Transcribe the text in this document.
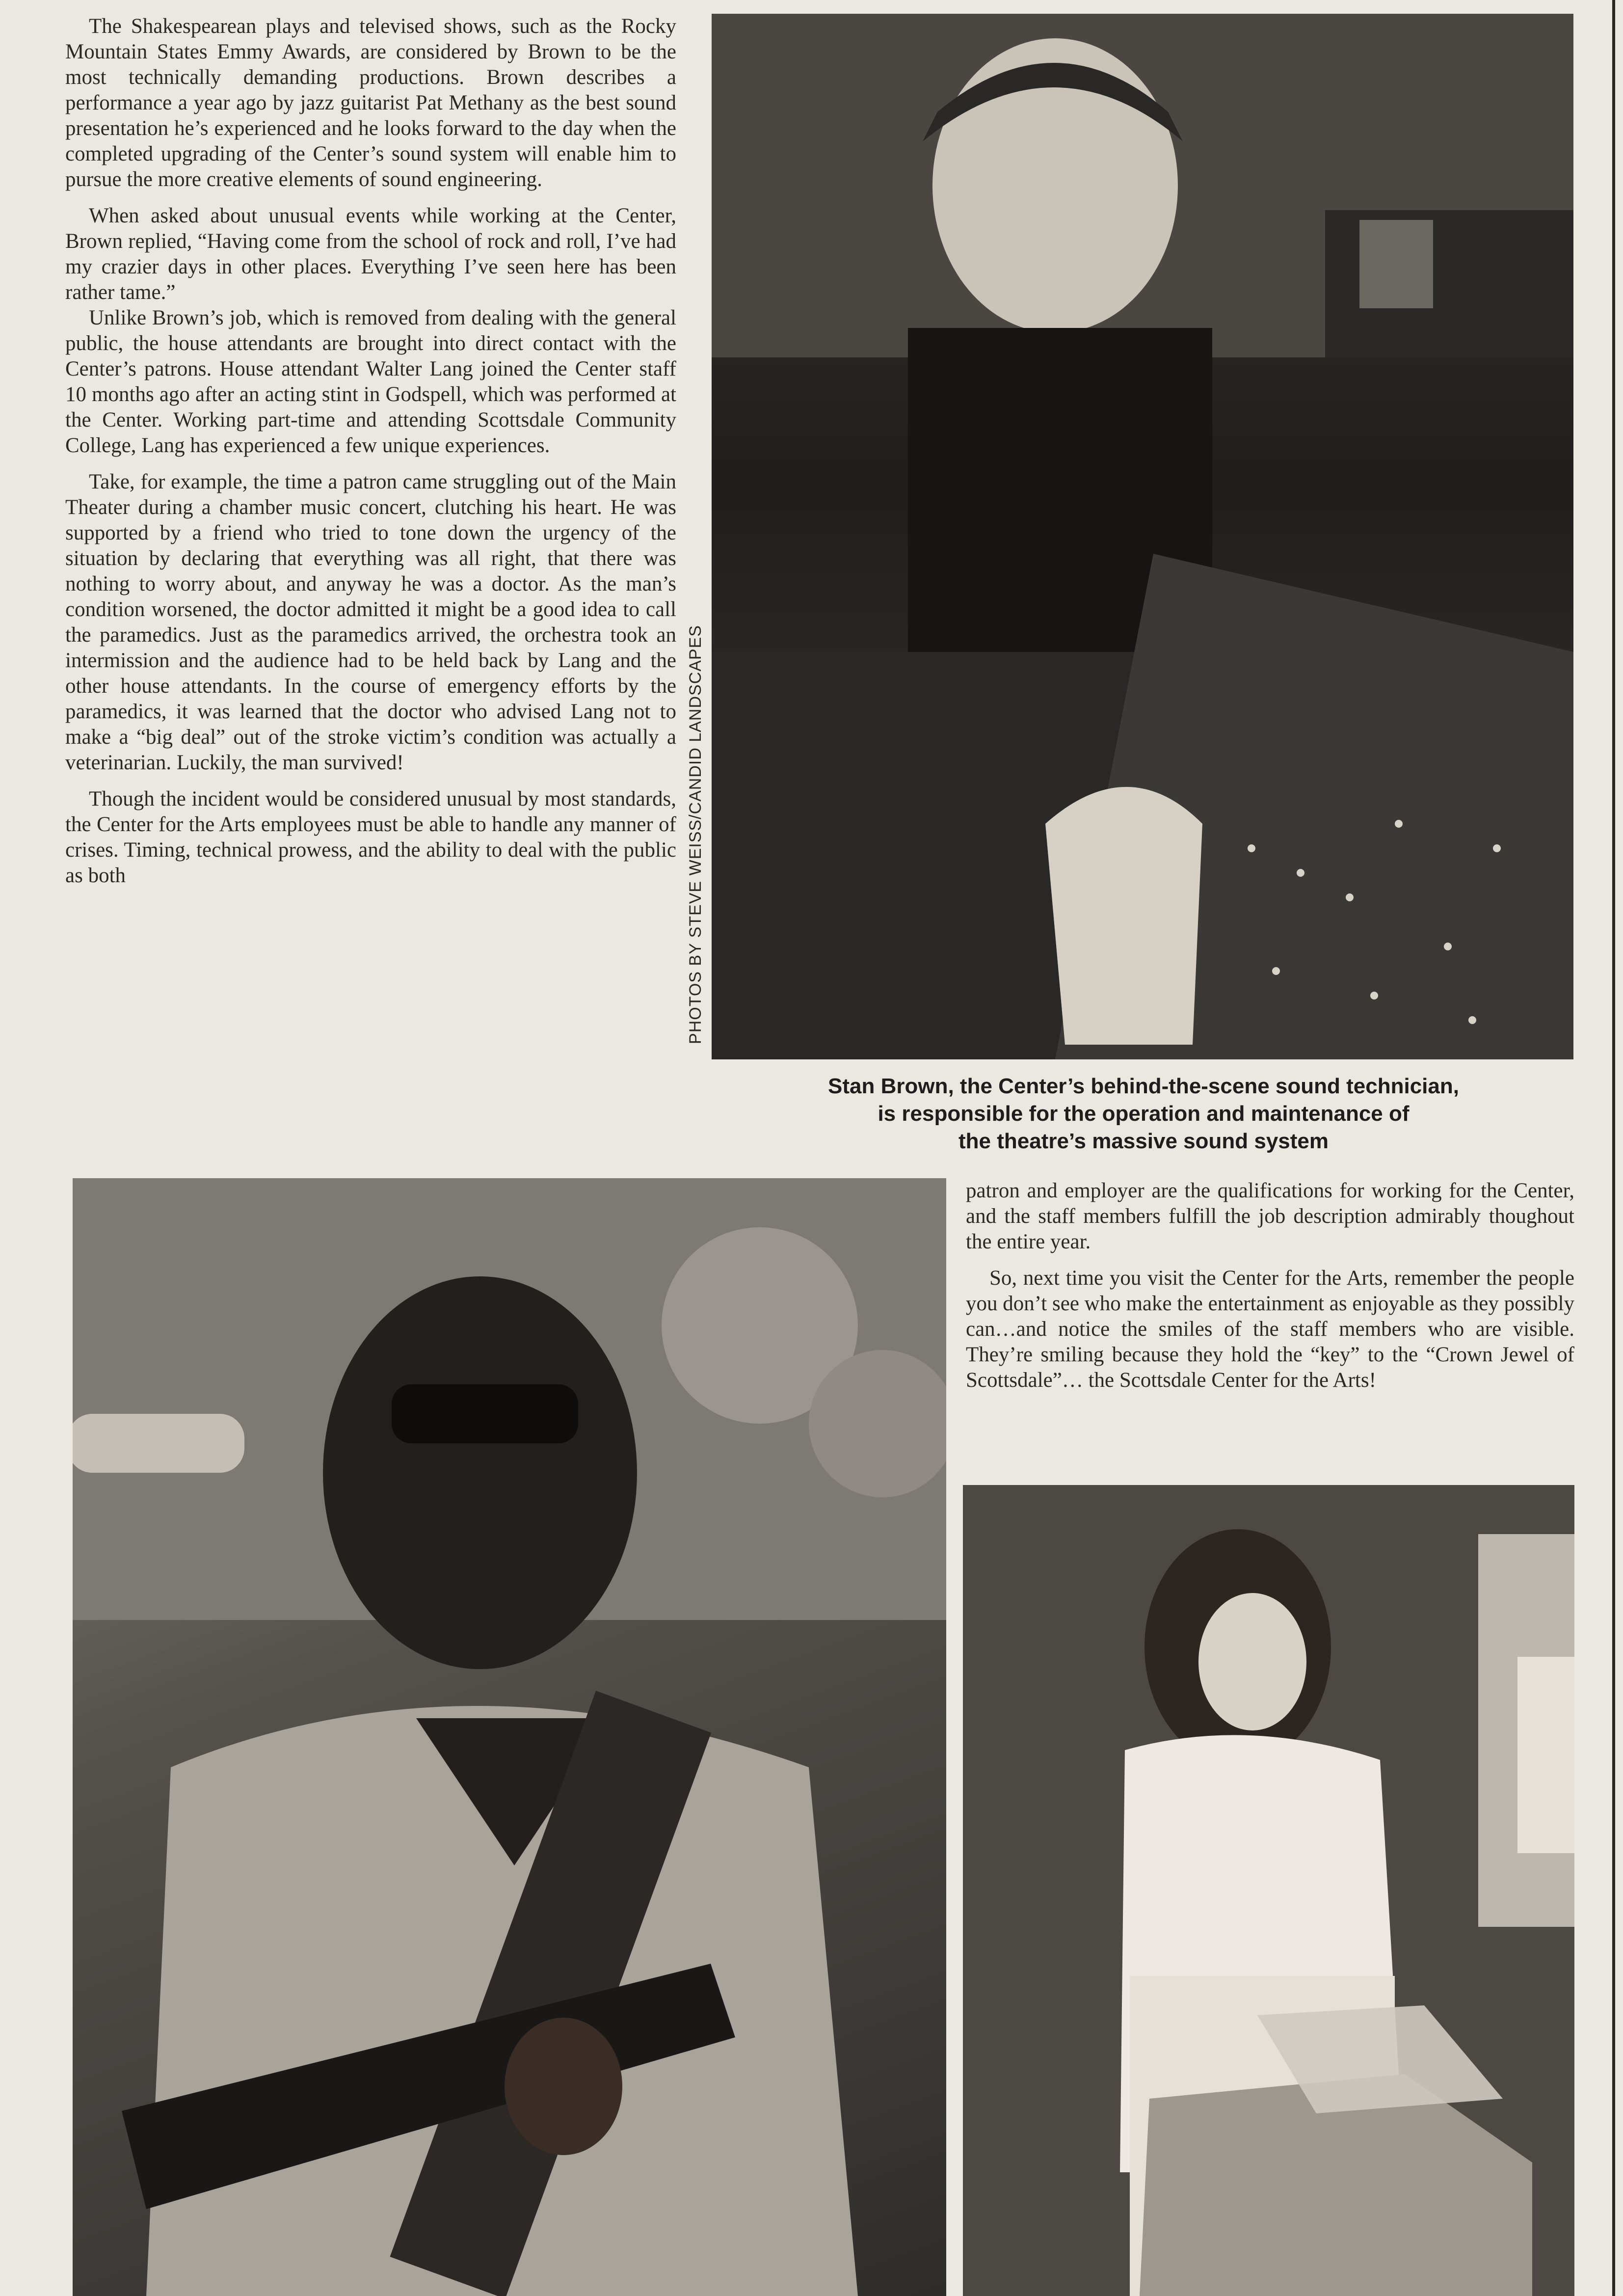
The Shakespearean plays and televised shows, such as the Rocky Mountain States Emmy Awards, are considered by Brown to be the most technically demanding productions. Brown describes a performance a year ago by jazz guitarist Pat Methany as the best sound presentation he’s experienced and he looks forward to the day when the completed upgrading of the Center’s sound system will enable him to pursue the more creative elements of sound engineering.

When asked about unusual events while working at the Center, Brown replied, “Having come from the school of rock and roll, I’ve had my crazier days in other places. Everything I’ve seen here has been rather tame.”

Unlike Brown’s job, which is removed from dealing with the general public, the house attendants are brought into direct contact with the Center’s patrons. House attendant Walter Lang joined the Center staff 10 months ago after an acting stint in Godspell, which was performed at the Center. Working part-time and attending Scottsdale Community College, Lang has experienced a few unique experiences.

Take, for example, the time a patron came struggling out of the Main Theater during a chamber music concert, clutching his heart. He was supported by a friend who tried to tone down the urgency of the situation by declaring that everything was all right, that there was nothing to worry about, and anyway he was a doctor. As the man’s condition worsened, the doctor admitted it might be a good idea to call the paramedics. Just as the paramedics arrived, the orchestra took an intermission and the audience had to be held back by Lang and the other house attendants. In the course of emergency efforts by the paramedics, it was learned that the doctor who advised Lang not to make a “big deal” out of the stroke victim’s condition was actually a veterinarian. Luckily, the man survived!

Though the incident would be considered unusual by most standards, the Center for the Arts employees must be able to handle any manner of crises. Timing, technical prowess, and the ability to deal with the public as both	PHOTOS BY STEVE WEISS/CANDID LANDSCAPES
Stan Brown, the Center’s behind-the-scene sound technician,
is responsible for the operation and maintenance of
the theatre’s massive sound system

patron and employer are the qualifications for working for the Center, and the staff members fulfill the job description admirably thoughout the entire year.

So, next time you visit the Center for the Arts, remember the people you don’t see who make the entertainment as enjoyable as they possibly can…and notice the smiles of the staff members who are visible. They’re smiling because they hold the “key” to the “Crown Jewel of Scottsdale”… the Scottsdale Center for the Arts!
